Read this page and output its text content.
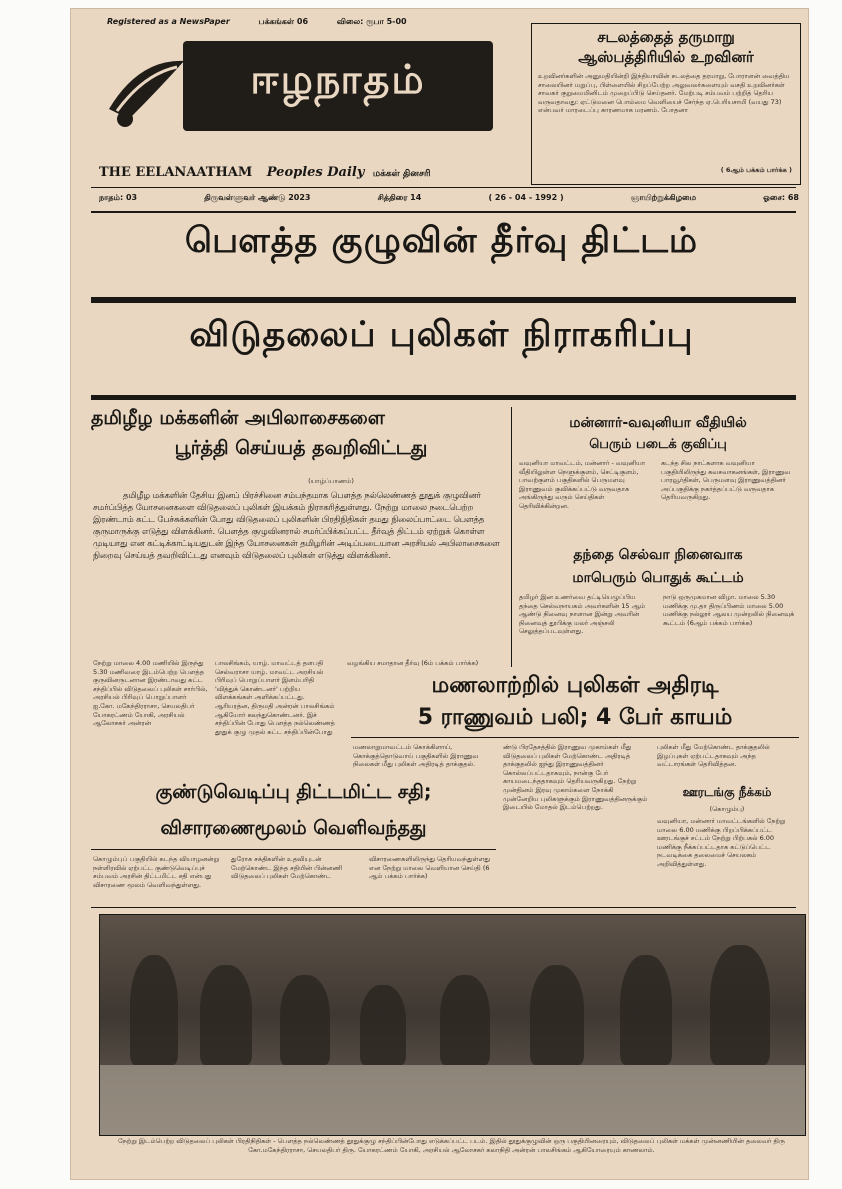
Registered as a NewsPaper	பக்கங்கள் 06	விலை: ரூபா 5-00
ஈழநாதம்
THE EELANAATHAM Peoples Daily மக்கள் தினசரி
சடலத்தைத் தருமாறு
ஆஸ்பத்திரியில் உறவினர்
உறவினர்களின் அனுமதியின்றி இந்தியாவின் சடலத்தை தரமாறு, போராளன் வைத்திய சாலையினர் மறுப்பு, பிள்ளையில் சிறப்பேற்ற அலுவலர்களையும் வசதி உறவினர்கள் சாவகர் குறுமைமினிடம் முறைப்பிடு செய்தனர். மேற்படி சம்பவம் பற்றித் தெரிய வருவதாவது: ஏட்டுமனை பொம்மை வெளியைச் சேர்ந்த ஏ.பெரியசாமி (வயது 73) என்பவர் மாரடைப்பு காரணமாக மரணம். போதனா
( 6ஆம் பக்கம் பார்க்க )
நாதம்: 03	திருவள்ளுவர் ஆண்டு 2023	சித்திரை 14	( 26 - 04 - 1992 )	ஞாயிற்றுக்கிழமை	ஓசை: 68
பௌத்த குழுவின் தீர்வு திட்டம்
விடுதலைப் புலிகள் நிராகரிப்பு
தமிழீழ மக்களின் அபிலாசைகளை
பூர்த்தி செய்யத் தவறிவிட்டது
(யாழ்ப்பாணம்)
தமிழீழ மக்களின் தேசிய இனப் பிரச்சினை சம்பந்தமாக பௌத்த நல்லெண்ணத் தூதுக் குழுவினர் சமர்ப்பித்த யோசனைகளை விடுதலைப் புலிகள் இயக்கம் நிராகரித்துள்ளது. நேற்று மாலை நடைபெற்ற இரண்டாம் கட்ட பேச்சுக்களின் போது விடுதலைப் புலிகளின் பிரதிநிதிகள் தமது நிலைப்பாட்டை பௌத்த குருமாருக்கு எடுத்து விளக்கினர். பௌத்த குழுவினரால் சமர்ப்பிக்கப்பட்ட தீர்வுத் திட்டம் ஏற்றுக் கொள்ள முடியாது என கட்டிக்காட்டியதுடன் இந்த யோசனைகள் தமிழரின் அடிப்படையான அரசியல் அபிலாசைகளை நிறைவு செய்யத் தவறிவிட்டது எனவும் விடுதலைப் புலிகள் எடுத்து விளக்கினர்.
நேற்று மாலை 4.00 மணியில் இருந்து 5.30 மணிவரை இடம்பெற்ற பௌத்த குருவினருடனான இரண்டாவது கட்ட சந்திப்பில் விடுதலைப் புலிகள் சார்பில், அரசியல் பிரிவுப் பொறுப்பாளர் ஐ.கோ. மகேந்திரராசா, செயலதிபர் யோகரட்ணம் யோகி, அரசியல் ஆலோசகர் அன்ரன்
பாலசிங்கம், யாழ். மாவட்டத் தளபதி செல்வராசா யாழ். மாவட்ட அரசியல் பிரிவுப் பொறுப்பாளர் இளம்பரிதி 'வித்துக் கொண்டனர்' பற்றிய விளக்கங்கள் அளிக்கப்பட்டது. ஆரியரத்ன, திருமதி அன்ரன் பாலசிங்கம் ஆகியோர் கலந்துகொண்டனர். இச் சந்திப்பின் போது பௌத்த நல்லெண்ணத் தூதுக் குழு முதல் கட்ட சந்திப்பின்போது
வழங்கிய சமாதான தீர்வு (6ம் பக்கம் பார்க்க)
மன்னார்-வவுனியா வீதியில்
பெரும் படைக் குவிப்பு
வவுனியா மாவட்டம், மன்னார் - வவுனியா வீதியிலுள்ள நெளுக்குளம், செட்டிகுளம், பாவற்குளம் பகுதிகளில் பெருமளவு இராணுவம் குவிக்கப்பட்டு வருவதாக அங்கிருந்து வரும் செய்திகள் தெரிவிக்கின்றன.
கடந்த சில நாட்களாக வவுனியா பகுதியிலிருந்து கவசவாகனங்கள், இராணுவ பாரவூர்திகள், பெருமளவு இராணுவத்தினர் அப்பகுதிக்கு நகர்த்தப்பட்டு வருவதாக தெரியவருகிறது.
தந்தை செல்வா நினைவாக
மாபெரும் பொதுக் கூட்டம்
தமிழர் இன உணர்வை தட்டியெழுப்பிய தந்தை செல்வநாயகம் அவர்களின் 15 ஆம் ஆண்டு நினைவு நாளான இன்று அவரின் நினைவுத் தூபிக்கு மலர் அஞ்சலி செலுத்தப்படவுள்ளது.
நாடு ஒருமுகமான விழா. மாலை 5.30 மணிக்கு மு.தா திருப்பிணம் மாலை 5.00 மணிக்கு நல்லூர் ஆலய முன்றலில் நினைவுக் கூட்டம் (6ஆம் பக்கம் பார்க்க)
மணலாற்றில் புலிகள் அதிரடி
5 ராணுவம் பலி; 4 பேர் காயம்
மணலாறுமாவட்டம் கொக்கிளாய், கொக்குத்தொடுவாய் பகுதிகளில் இராணுவ நிலைகள் மீது புலிகள் அதிரடித் தாக்குதல்.
ண்டு பிரதேசத்தில் இராணுவ முகாம்கள் மீது விடுதலைப் புலிகள் மேற்கொண்ட அதிரடித் தாக்குதலில் ஐந்து இராணுவத்தினர் கொல்லப்பட்டதாகவும், நான்கு பேர் காயமடைந்ததாகவும் தெரியவருகிறது. நேற்று முன்தினம் இரவு முகாம்களை நோக்கி முன்னேறிய புலிகளுக்கும் இராணுவத்தினருக்கும் இடையில் மோதல் இடம்பெற்றது.
புலிகள் மீது மேற்கொண்ட தாக்குதலில் இழப்புகள் ஏற்பட்டதாகவும் அந்த வட்டாரங்கள் தெரிவித்தன.
ஊரடங்கு நீக்கம்
(கொழும்பு)
வவுனியா, மன்னார் மாவட்டங்களில் நேற்று மாலை 6.00 மணிக்கு பிறப்பிக்கப்பட்ட ஊரடங்குச் சட்டம் நேற்று பிற்பகல் 6.00 மணிக்கு நீக்கப்பட்டதாக கட்டுப்பெட்ட நடவடிக்கை தலைமைச் செயலகம் அறிவித்துள்ளது.
குண்டுவெடிப்பு திட்டமிட்ட சதி;
விசாரணைமூலம் வெளிவந்தது
கொழும்புப் பகுதியில் கடந்த வியாழனன்று நள்ளிரவில் ஏற்பட்ட குண்டுவெடிப்புச் சம்பவம் அரசின் திட்டமிட்ட சதி என்பது விசாரணை மூலம் வெளிவந்துள்ளது.
துரோக சக்திகளின் உதவியுடன் மேற்கொண்ட இந்த சதியின் பின்னணி விடுதலைப் புலிகள் மேற்கொண்ட
விசாரணைகளிலிருந்து தெரியவந்துள்ளது என நேற்று மாலை வெளியான செய்தி (6 ஆம் பக்கம் பார்க்க)
நேற்று இடம்பெற்ற விடுதலைப் புலிகள் பிரதிநிதிகள் - பௌத்த நல்லெண்ணத் தூதுக்குழு சந்திப்பின்போது எடுக்கப்பட்ட படம். இதில் தூதுக்குழுவின் ஒரு பகுதியினரையும், விடுதலைப் புலிகள் மக்கள் முன்னணியின் தலைவர் திரு கோ.மகேந்திரராசா, செயலதிபர் திரு. யோகரட்ணம் யோகி, அரசியல் ஆலோசகர் கலாநிதி அன்ரன் பாலசிங்கம் ஆகியோரையும் காணலாம்.
